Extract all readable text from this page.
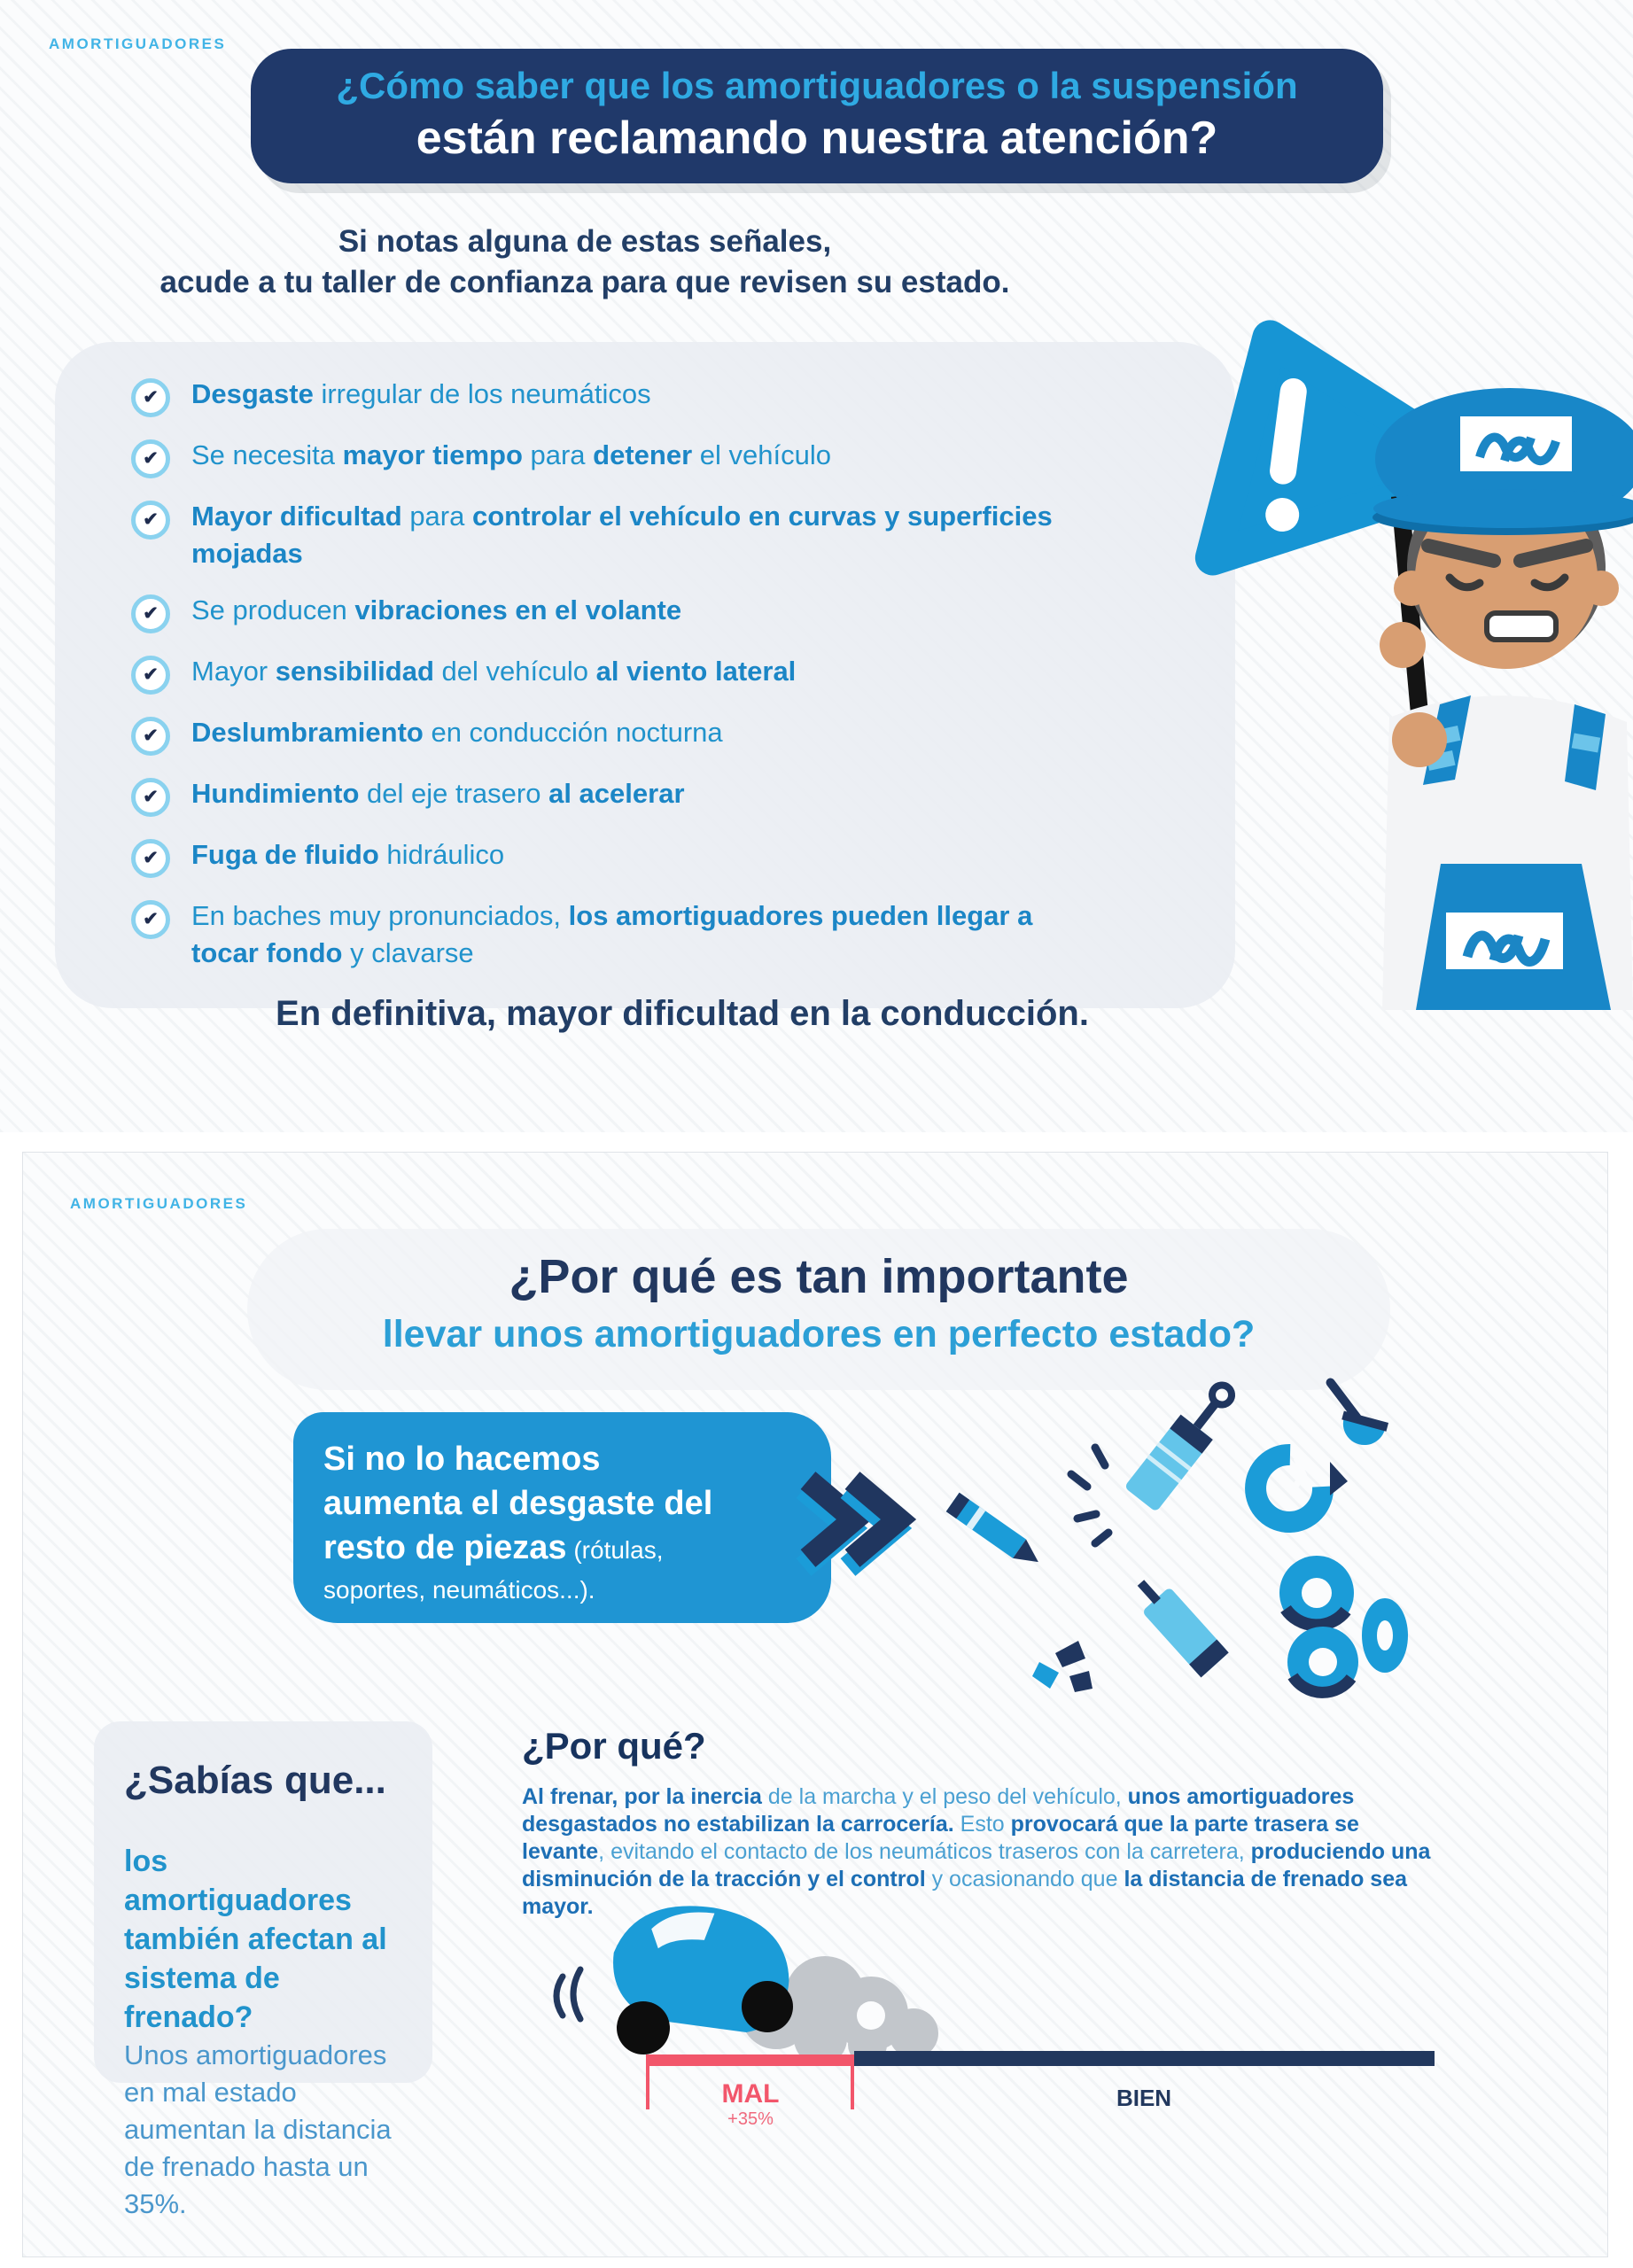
AMORTIGUADORES
¿Cómo saber que los amortiguadores o la suspensión
están reclamando nuestra atención?
Si notas alguna de estas señales,
acude a tu taller de confianza para que revisen su estado.
✔	Desgaste irregular de los neumáticos
✔	Se necesita mayor tiempo para detener el vehículo
✔	Mayor dificultad para controlar el vehículo en curvas y superficies mojadas
✔	Se producen vibraciones en el volante
✔	Mayor sensibilidad del vehículo al viento lateral
✔	Deslumbramiento en conducción nocturna
✔	Hundimiento del eje trasero al acelerar
✔	Fuga de fluido hidráulico
✔	En baches muy pronunciados, los amortiguadores pueden llegar a tocar fondo y clavarse
En definitiva, mayor dificultad en la conducción.
AMORTIGUADORES
¿Por qué es tan importante
llevar unos amortiguadores en perfecto estado?
Si no lo hacemos
aumenta el desgaste del
resto de piezas (rótulas,
soportes, neumáticos...).
¿Sabías que...
los amortiguadores también afectan al sistema de frenado?
Unos amortiguadores en mal estado aumentan la distancia de frenado hasta un 35%.
¿Por qué?
Al frenar, por la inercia de la marcha y el peso del vehículo, unos amortiguadores desgastados no estabilizan la carrocería. Esto provocará que la parte trasera se levante, evitando el contacto de los neumáticos traseros con la carretera, produciendo una disminución de la tracción y el control y ocasionando que la distancia de frenado sea mayor.
MAL
+35%
BIEN
